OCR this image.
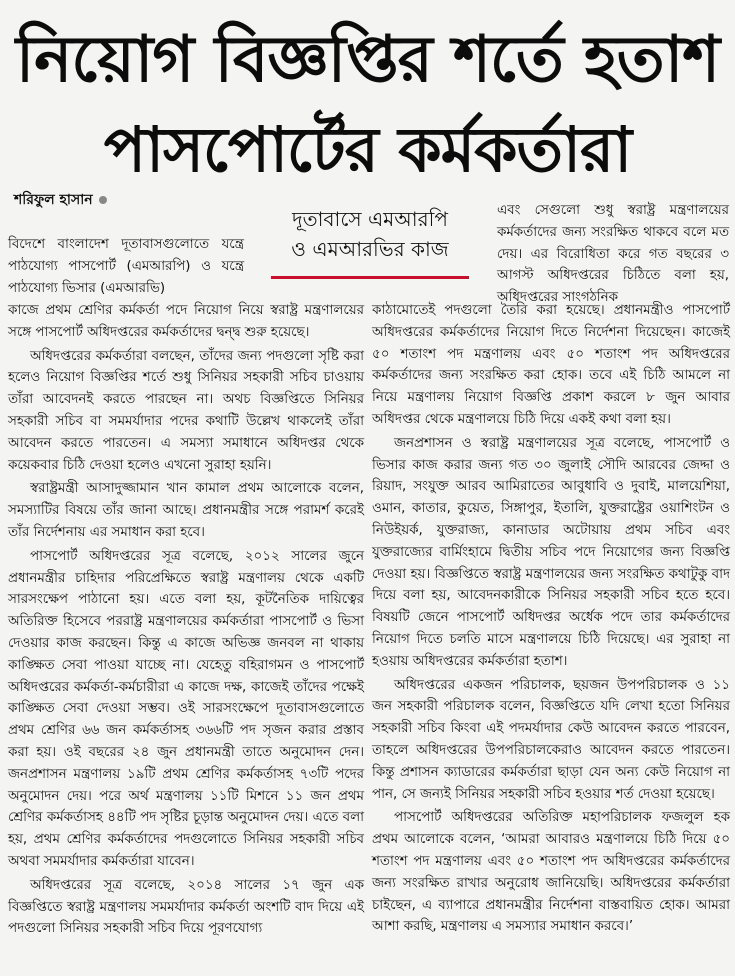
নিয়োগ বিজ্ঞপ্তির শর্তে হতাশ
পাসপোর্টের কর্মকর্তারা
শরিফুল হাসান
দূতাবাসে এমআরপি
ও এমআরভির কাজ

বিদেশে বাংলাদেশ দূতাবাসগুলোতে যন্ত্রে পাঠযোগ্য পাসপোর্ট (এমআরপি) ও যন্ত্রে পাঠযোগ্য ভিসার (এমআরভি)

এবং সেগুলো শুধু স্বরাষ্ট্র মন্ত্রণালয়ের কর্মকর্তাদের জন্য সংরক্ষিত থাকবে বলে মত দেয়। এর বিরোধিতা করে গত বছরের ৩ আগস্ট অধিদপ্তরের চিঠিতে বলা হয়, অধিদপ্তরের সাংগঠনিক

কাজে প্রথম শ্রেণির কর্মকর্তা পদে নিয়োগ নিয়ে স্বরাষ্ট্র মন্ত্রণালয়ের সঙ্গে পাসপোর্ট অধিদপ্তরের কর্মকর্তাদের দ্বন্দ্ব শুরু হয়েছে।

অধিদপ্তরের কর্মকর্তারা বলছেন, তাঁদের জন্য পদগুলো সৃষ্টি করা হলেও নিয়োগ বিজ্ঞপ্তির শর্তে শুধু সিনিয়র সহকারী সচিব চাওয়ায় তাঁরা আবেদনই করতে পারছেন না। অথচ বিজ্ঞপ্তিতে সিনিয়র সহকারী সচিব বা সমমর্যাদার পদের কথাটি উল্লেখ থাকলেই তাঁরা আবেদন করতে পারতেন। এ সমস্যা সমাধানে অধিদপ্তর থেকে কয়েকবার চিঠি দেওয়া হলেও এখনো সুরাহা হয়নি।

স্বরাষ্ট্রমন্ত্রী আসাদুজ্জামান খান কামাল প্রথম আলোকে বলেন, সমস্যাটির বিষয়ে তাঁর জানা আছে। প্রধানমন্ত্রীর সঙ্গে পরামর্শ করেই তাঁর নির্দেশনায় এর সমাধান করা হবে।

পাসপোর্ট অধিদপ্তরের সূত্র বলেছে, ২০১২ সালের জুনে প্রধানমন্ত্রীর চাহিদার পরিপ্রেক্ষিতে স্বরাষ্ট্র মন্ত্রণালয় থেকে একটি সারসংক্ষেপ পাঠানো হয়। এতে বলা হয়, কূটনৈতিক দায়িত্বের অতিরিক্ত হিসেবে পররাষ্ট্র মন্ত্রণালয়ের কর্মকর্তারা পাসপোর্ট ও ভিসা দেওয়ার কাজ করছেন। কিন্তু এ কাজে অভিজ্ঞ জনবল না থাকায় কাঙ্ক্ষিত সেবা পাওয়া যাচ্ছে না। যেহেতু বহিরাগমন ও পাসপোর্ট অধিদপ্তরের কর্মকর্তা-কর্মচারীরা এ কাজে দক্ষ, কাজেই তাঁদের পক্ষেই কাঙ্ক্ষিত সেবা দেওয়া সম্ভব। ওই সারসংক্ষেপে দূতাবাসগুলোতে প্রথম শ্রেণির ৬৬ জন কর্মকর্তাসহ ৩৬৬টি পদ সৃজন করার প্রস্তাব করা হয়। ওই বছরের ২৪ জুন প্রধানমন্ত্রী তাতে অনুমোদন দেন। জনপ্রশাসন মন্ত্রণালয় ১৯টি প্রথম শ্রেণির কর্মকর্তাসহ ৭৩টি পদের অনুমোদন দেয়। পরে অর্থ মন্ত্রণালয় ১১টি মিশনে ১১ জন প্রথম শ্রেণির কর্মকর্তাসহ ৪৪টি পদ সৃষ্টির চূড়ান্ত অনুমোদন দেয়। এতে বলা হয়, প্রথম শ্রেণির কর্মকর্তাদের পদগুলোতে সিনিয়র সহকারী সচিব অথবা সমমর্যাদার কর্মকর্তারা যাবেন।

অধিদপ্তরের সূত্র বলেছে, ২০১৪ সালের ১৭ জুন এক বিজ্ঞপ্তিতে স্বরাষ্ট্র মন্ত্রণালয় সমমর্যাদার কর্মকর্তা অংশটি বাদ দিয়ে এই পদগুলো সিনিয়র সহকারী সচিব দিয়ে পূরণযোগ্য

কাঠামোতেই পদগুলো তৈরি করা হয়েছে। প্রধানমন্ত্রীও পাসপোর্ট অধিদপ্তরের কর্মকর্তাদের নিয়োগ দিতে নির্দেশনা দিয়েছেন। কাজেই ৫০ শতাংশ পদ মন্ত্রণালয় এবং ৫০ শতাংশ পদ অধিদপ্তরের কর্মকর্তাদের জন্য সংরক্ষিত করা হোক। তবে এই চিঠি আমলে না নিয়ে মন্ত্রণালয় নিয়োগ বিজ্ঞপ্তি প্রকাশ করলে ৮ জুন আবার অধিদপ্তর থেকে মন্ত্রণালয়ে চিঠি দিয়ে একই কথা বলা হয়।

জনপ্রশাসন ও স্বরাষ্ট্র মন্ত্রণালয়ের সূত্র বলেছে, পাসপোর্ট ও ভিসার কাজ করার জন্য গত ৩০ জুলাই সৌদি আরবের জেদ্দা ও রিয়াদ, সংযুক্ত আরব আমিরাতের আবুধাবি ও দুবাই, মালয়েশিয়া, ওমান, কাতার, কুয়েত, সিঙ্গাপুর, ইতালি, যুক্তরাষ্ট্রের ওয়াশিংটন ও নিউইয়র্ক, যুক্তরাজ্য, কানাডার অটোয়ায় প্রথম সচিব এবং যুক্তরাজ্যের বার্মিংহামে দ্বিতীয় সচিব পদে নিয়োগের জন্য বিজ্ঞপ্তি দেওয়া হয়। বিজ্ঞপ্তিতে স্বরাষ্ট্র মন্ত্রণালয়ের জন্য সংরক্ষিত কথাটুকু বাদ দিয়ে বলা হয়, আবেদনকারীকে সিনিয়র সহকারী সচিব হতে হবে। বিষয়টি জেনে পাসপোর্ট অধিদপ্তর অর্ধেক পদে তার কর্মকর্তাদের নিয়োগ দিতে চলতি মাসে মন্ত্রণালয়ে চিঠি দিয়েছে। এর সুরাহা না হওয়ায় অধিদপ্তরের কর্মকর্তারা হতাশ।

অধিদপ্তরের একজন পরিচালক, ছয়জন উপপরিচালক ও ১১ জন সহকারী পরিচালক বলেন, বিজ্ঞপ্তিতে যদি লেখা হতো সিনিয়র সহকারী সচিব কিংবা এই পদমর্যাদার কেউ আবেদন করতে পারবেন, তাহলে অধিদপ্তরের উপপরিচালকেরাও আবেদন করতে পারতেন। কিন্তু প্রশাসন ক্যাডারের কর্মকর্তারা ছাড়া যেন অন্য কেউ নিয়োগ না পান, সে জন্যই সিনিয়র সহকারী সচিব হওয়ার শর্ত দেওয়া হয়েছে।

পাসপোর্ট অধিদপ্তরের অতিরিক্ত মহাপরিচালক ফজলুল হক প্রথম আলোকে বলেন, ‘আমরা আবারও মন্ত্রণালয়ে চিঠি দিয়ে ৫০ শতাংশ পদ মন্ত্রণালয় এবং ৫০ শতাংশ পদ অধিদপ্তরের কর্মকর্তাদের জন্য সংরক্ষিত রাখার অনুরোধ জানিয়েছি। অধিদপ্তরের কর্মকর্তারা চাইছেন, এ ব্যাপারে প্রধানমন্ত্রীর নির্দেশনা বাস্তবায়িত হোক। আমরা আশা করছি, মন্ত্রণালয় এ সমস্যার সমাধান করবে।’
